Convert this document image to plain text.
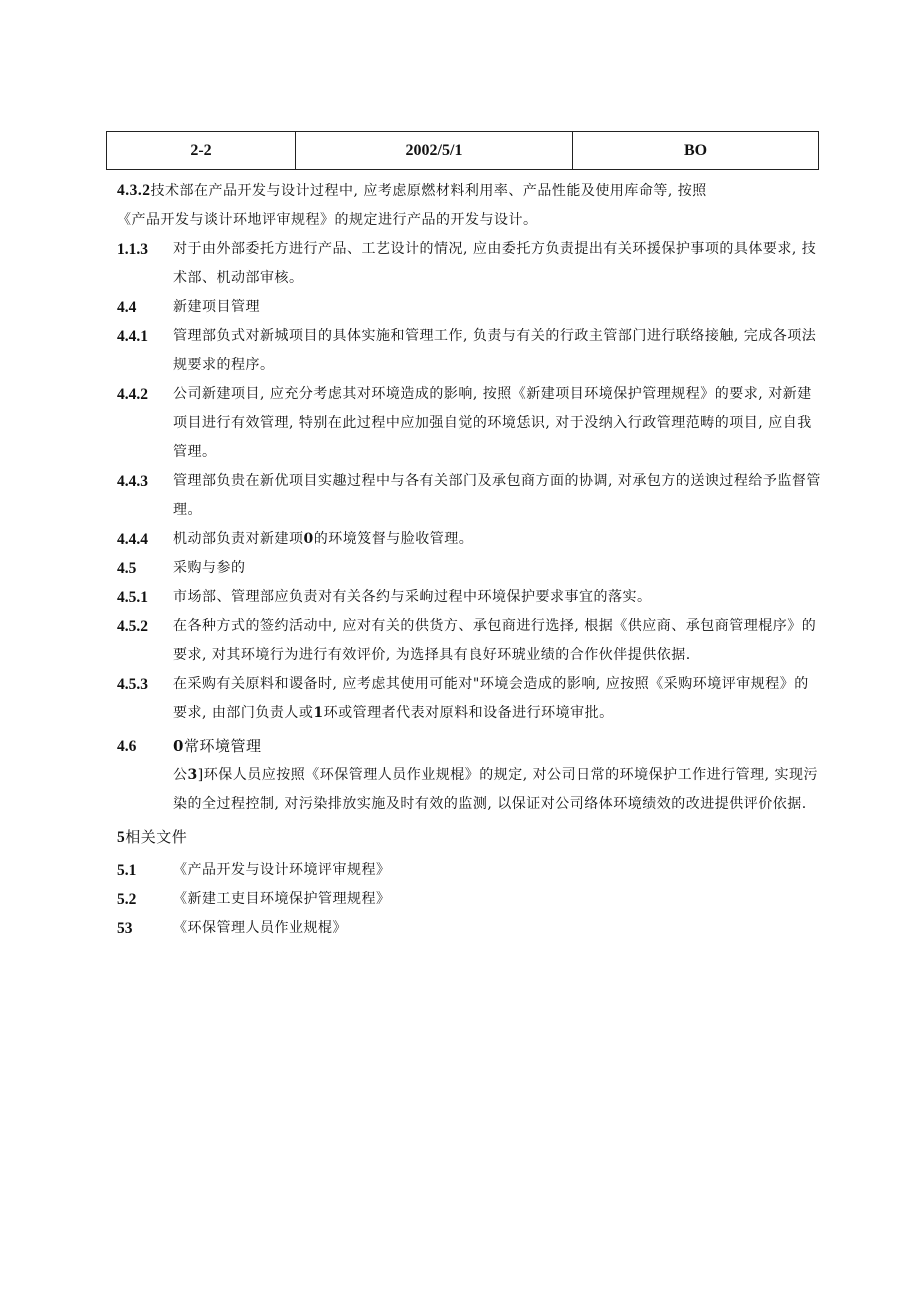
2-2	2002/5/1	BO
4.3.2技术部在产品开发与设计过程中, 应考虑原燃材料利用率、产品性能及使用库命等, 按照
《产品开发与谈计环地评审规程》的规定进行产品的开发与设计。
1.1.3	对于由外部委托方进行产品、工艺设计的情况, 应由委托方负责提出有关环援保护事项的具体要求, 技术部、机动部审核。
4.4	新建项目管理
4.4.1	管理部负式对新城项目的具体实施和管理工作, 负责与有关的行政主管部门进行联络接触, 完成各项法规要求的程序。
4.4.2	公司新建项目, 应充分考虑其对环境造成的影响, 按照《新建项目环境保护管理规程》的要求, 对新建项目进行有效管理, 特别在此过程中应加强自觉的环境恁识, 对于没纳入行政管理范畴的项目, 应自我管理。
4.4.3	管理部负贵在新优项目实趣过程中与各有关部门及承包商方面的协调, 对承包方的送谀过程给予监督管理。
4.4.4	机动部负责对新建项0的环境笈督与脸收管理。
4.5	采购与参的
4.5.1	市场部、管理部应负责对有关各约与采岣过程中环境保护要求事宜的落实。
4.5.2	在各种方式的签约活动中, 应对有关的供货方、承包商进行选择, 根据《供应商、承包商管理棍序》的要求, 对其环境行为进行有效评价, 为选择具有良好环琥业绩的合作伙伴提供依据.
4.5.3	在采购有关原料和谡备时, 应考虑其使用可能对"环境会造成的影响, 应按照《采购环境评审规程》的要求, 由部门负责人或1环或管理者代表对原料和设备进行环境审批。
4.6	0常环境管理
公3]环保人员应按照《环保管理人员作业规棍》的规定, 对公司日常的环境保护工作进行管理, 实现污染的全过程控制, 对污染排放实施及时有效的监测, 以保证对公司络体环境绩效的改进提供评价依据.
5相关文件
5.1	《产品开发与设计环境评审规程》
5.2	《新建工吏目环境保护管理规程》
53	《环保管理人员作业规棍》
